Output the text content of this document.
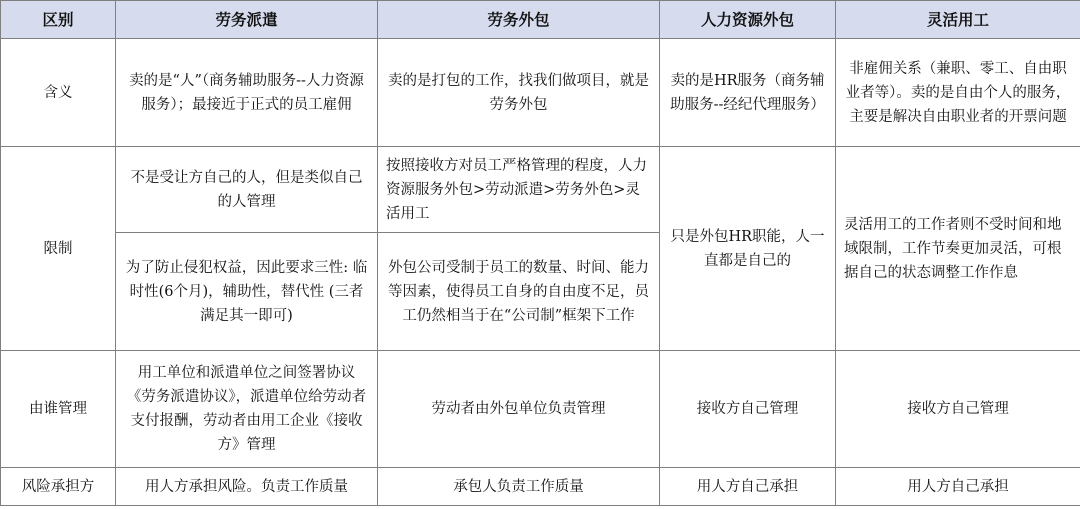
区别	劳务派遣	劳务外包	人力资源外包	灵活用工
含义	卖的是“人”（商务辅助服务--人力资源服务）；最接近于正式的员工雇佣	卖的是打包的工作，找我们做项目，就是劳务外包	卖的是HR服务（商务辅助服务--经纪代理服务）	非雇佣关系（兼职、零工、自由职业者等）。卖的是自由个人的服务，主要是解决自由职业者的开票问题
限制	不是受让方自己的人，但是类似自己的人管理	按照接收方对员工严格管理的程度，人力资源服务外包>劳动派遣>劳务外色>灵活用工	只是外包HR职能，人一直都是自己的	灵活用工的工作者则不受时间和地域限制，工作节奏更加灵活，可根据自己的状态调整工作作息
	为了防止侵犯权益，因此要求三性: 临时性(6个月)，辅助性，替代性 (三者满足其一即可)	外包公司受制于员工的数量、时间、能力等因素，使得员工自身的自由度不足，员工仍然相当于在“公司制”框架下工作		
由谁管理	用工单位和派遣单位之间签署协议《劳务派遣协议》，派遣单位给劳动者支付报酬，劳动者由用工企业《接收方》管理	劳动者由外包单位负责管理	接收方自己管理	接收方自己管理
风险承担方	用人方承担风险。负责工作质量	承包人负责工作质量	用人方自己承担	用人方自己承担
